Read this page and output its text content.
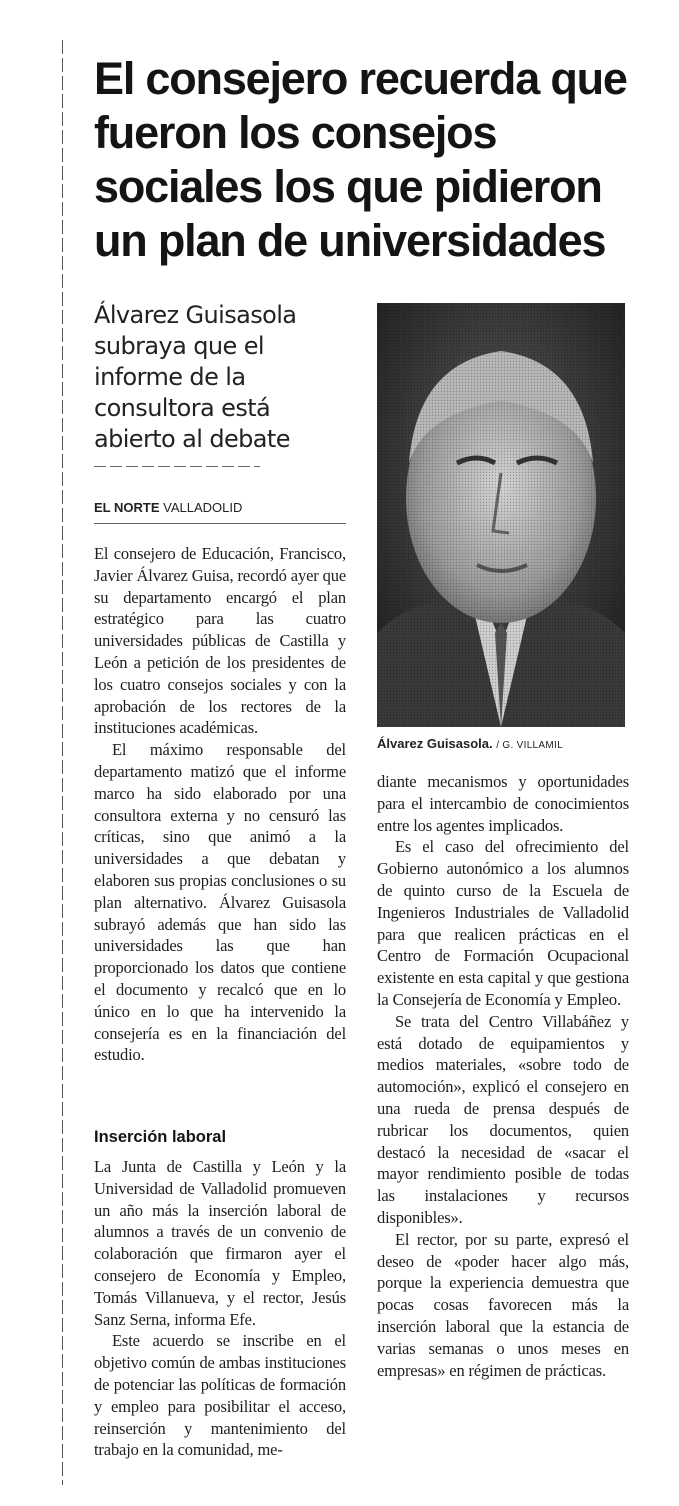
El consejero recuerda que fueron los consejos sociales los que pidieron un plan de universidades
Álvarez Guisasola subraya que el informe de la consultora está abierto al debate
EL NORTE VALLADOLID
Álvarez Guisasola. / G. VILLAMIL

El consejero de Educación, Francisco, Javier Álvarez Guisa, recordó ayer que su departamento encargó el plan estratégico para las cuatro universidades públicas de Castilla y León a petición de los presidentes de los cuatro consejos sociales y con la aprobación de los rectores de la instituciones académicas.

El máximo responsable del departamento matizó que el informe marco ha sido elaborado por una consultora externa y no censuró las críticas, sino que animó a la universidades a que debatan y elaboren sus propias conclusiones o su plan alternativo. Álvarez Guisasola subrayó además que han sido las universidades las que han proporcionado los datos que contiene el documento y recalcó que en lo único en lo que ha intervenido la consejería es en la financiación del estudio.

Inserción laboral

La Junta de Castilla y León y la Universidad de Valladolid promueven un año más la inserción laboral de alumnos a través de un convenio de colaboración que firmaron ayer el consejero de Economía y Empleo, Tomás Villanueva, y el rector, Jesús Sanz Serna, informa Efe.

Este acuerdo se inscribe en el objetivo común de ambas instituciones de potenciar las políticas de formación y empleo para posibilitar el acceso, reinserción y mantenimiento del trabajo en la comunidad, me-

diante mecanismos y oportunidades para el intercambio de conocimientos entre los agentes implicados.

Es el caso del ofrecimiento del Gobierno autonómico a los alumnos de quinto curso de la Escuela de Ingenieros Industriales de Valladolid para que realicen prácticas en el Centro de Formación Ocupacional existente en esta capital y que gestiona la Consejería de Economía y Empleo.

Se trata del Centro Villabáñez y está dotado de equipamientos y medios materiales, «sobre todo de automoción», explicó el consejero en una rueda de prensa después de rubricar los documentos, quien destacó la necesidad de «sacar el mayor rendimiento posible de todas las instalaciones y recursos disponibles».

El rector, por su parte, expresó el deseo de «poder hacer algo más, porque la experiencia demuestra que pocas cosas favorecen más la inserción laboral que la estancia de varias semanas o unos meses en empresas» en régimen de prácticas.
